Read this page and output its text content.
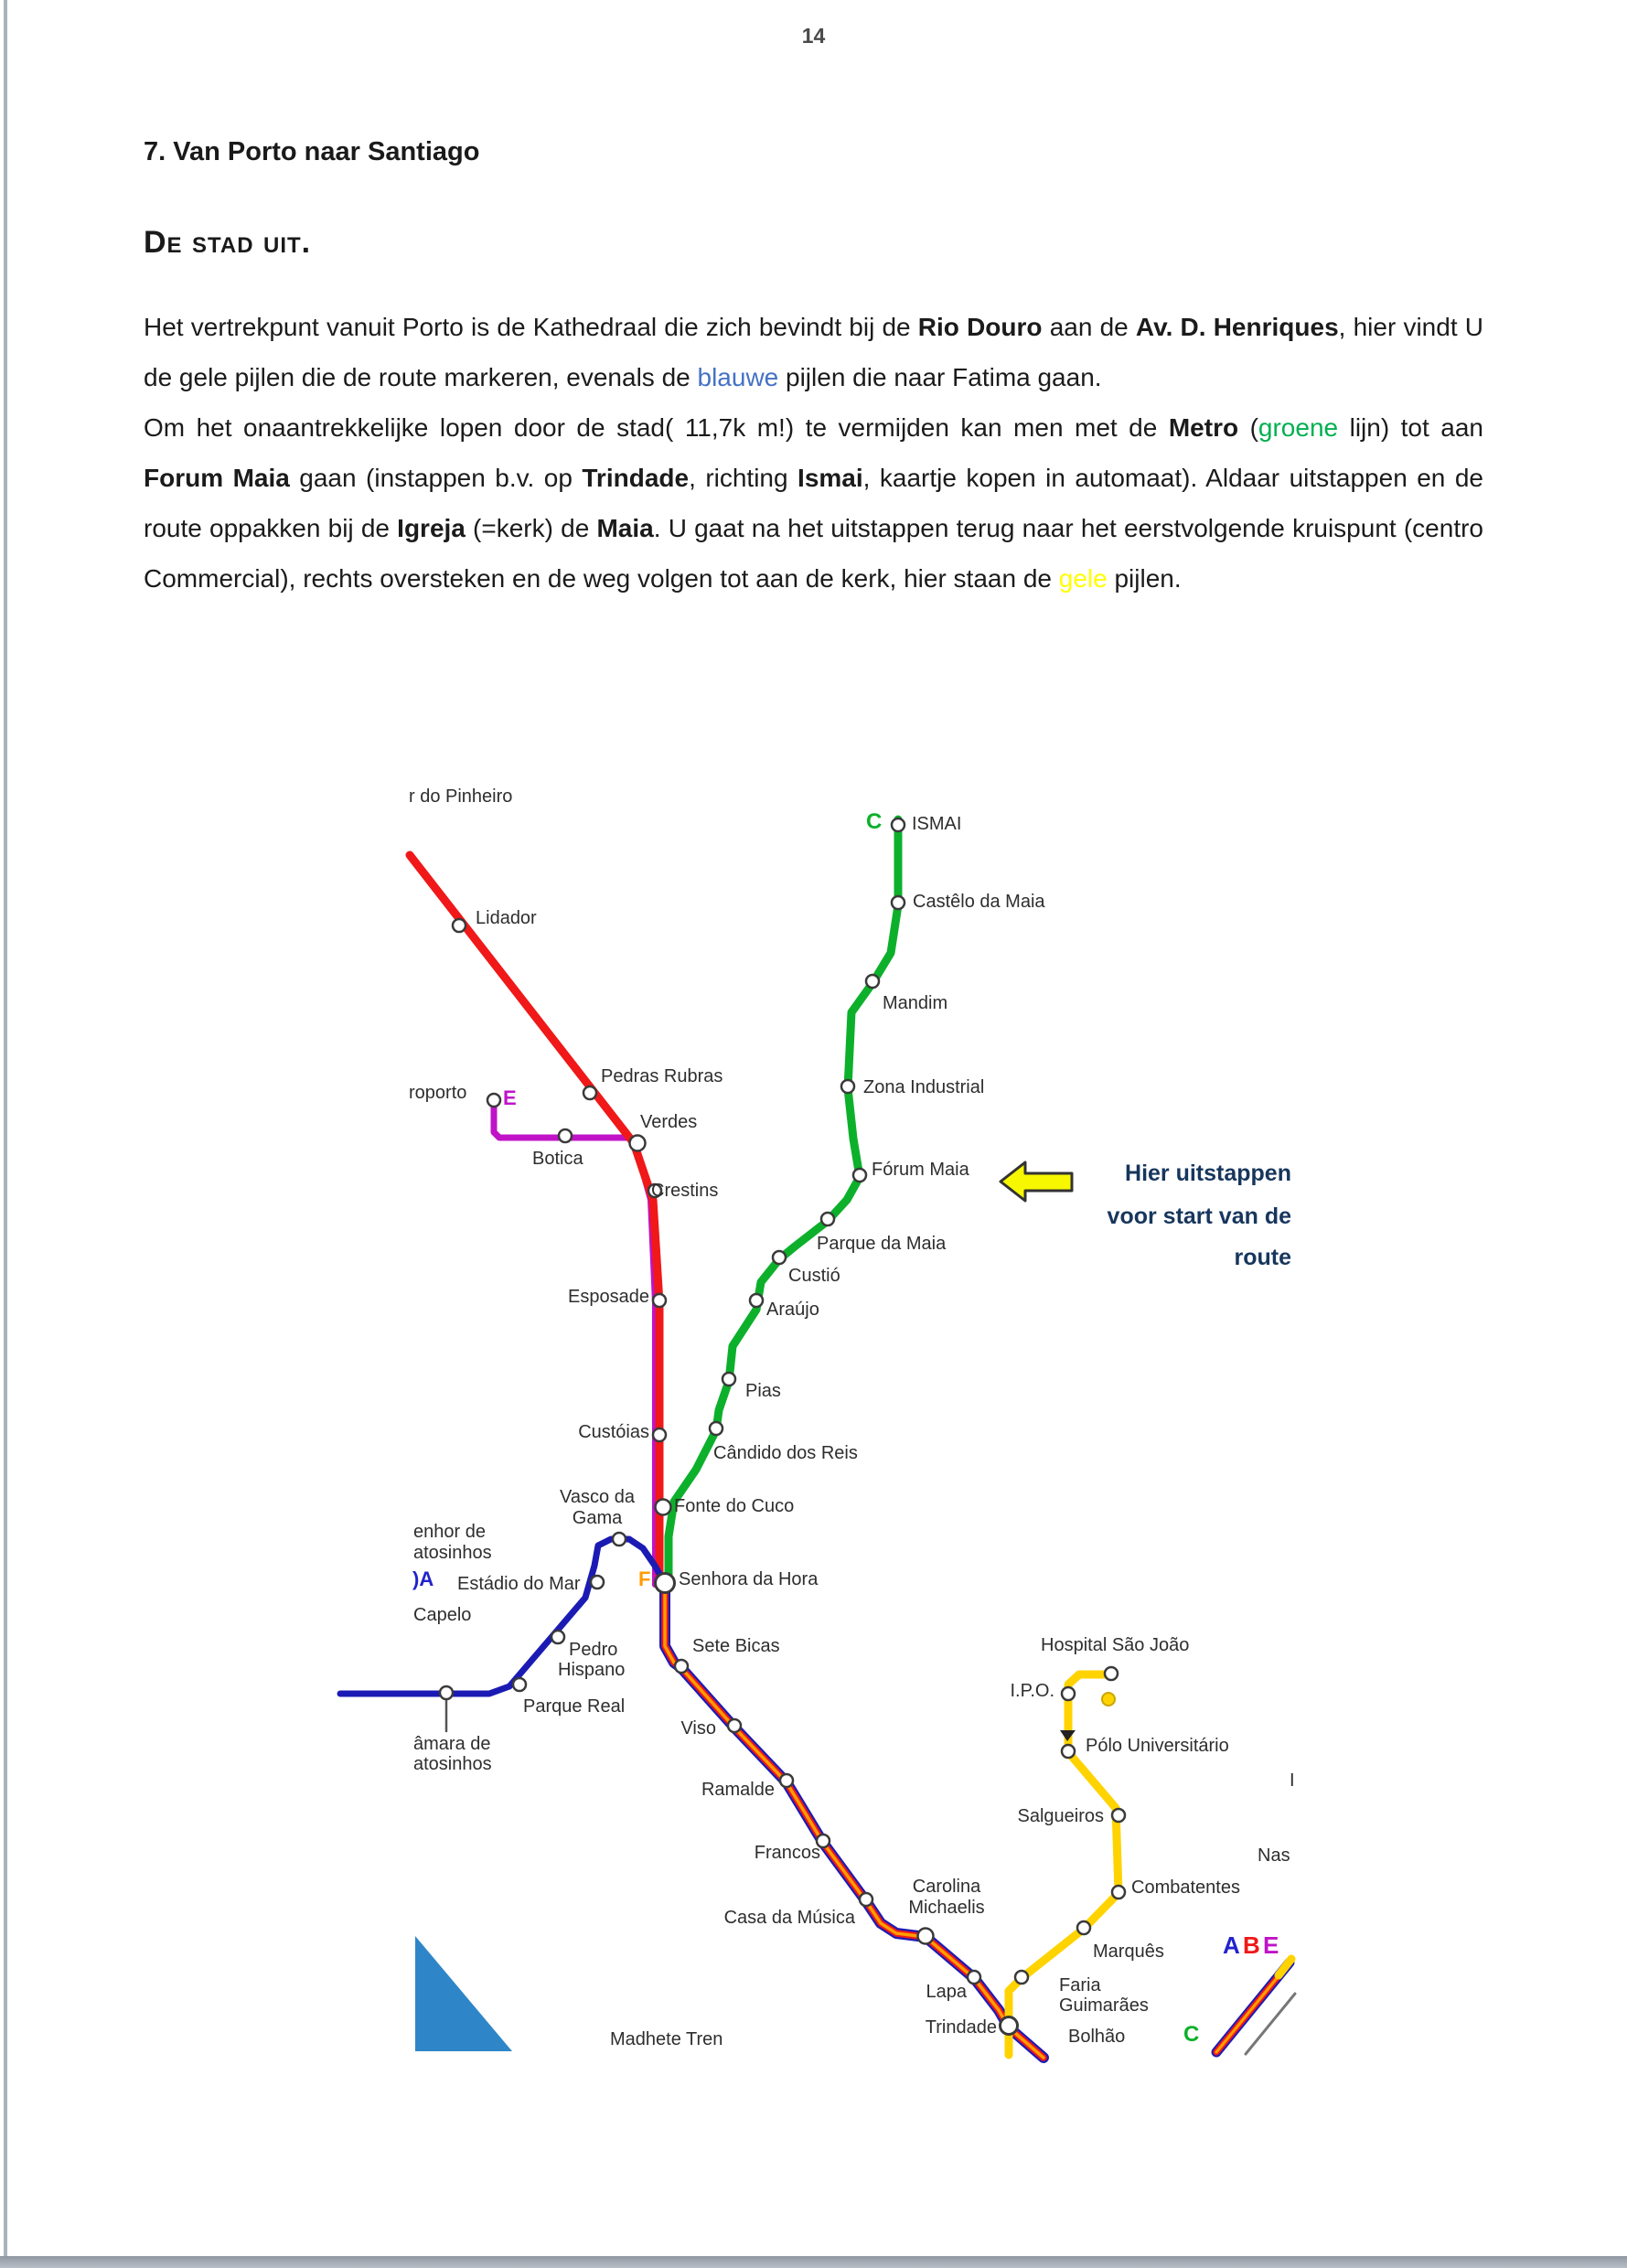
14
7. Van Porto naar Santiago
De stad uit.

Het vertrekpunt vanuit Porto is de Kathedraal die zich bevindt bij de Rio Douro aan de Av. D. Henriques, hier vindt U de gele pijlen die de route markeren, evenals de blauwe pijlen die naar Fatima gaan.

Om het onaantrekkelijke lopen door de stad( 11,7k m!) te vermijden kan men met de Metro (groene lijn) tot aan Forum Maia gaan (instappen b.v. op Trindade, richting Ismai, kaartje kopen in automaat). Aldaar uitstappen en de route oppakken bij de Igreja (=kerk) de Maia. U gaat na het uitstappen terug naar het eerstvolgende kruispunt (centro Commercial), rechts oversteken en de weg volgen tot aan de kerk, hier staan de gele pijlen.

r do Pinheiro
Lidador
Pedras Rubras
roporto E
Botica
Verdes
Crestins
Esposade
Custóias
Vasco da
Gama
Fonte do Cuco
C ISMAI
Castêlo da Maia
Mandim
Zona Industrial
Fórum Maia
Parque da Maia
Custió
Araújo
Pias
Cândido dos Reis
F Senhora da Hora
Sete Bicas
enhor de
atosinhos
)A Estádio do Mar
Capelo
Pedro
Hispano
Parque Real
âmara de
atosinhos
Viso
Ramalde
Francos
Casa da Música
Carolina
Michaelis
Lapa
Trindade	Bolhão
Hospital São João
I.P.O.
Pólo Universitário
Salgueiros
Combatentes
Marquês
Faria
Guimarães
A B E
C
Nas
I
Madhete Tren
Hier uitstappen
voor start van de
route
